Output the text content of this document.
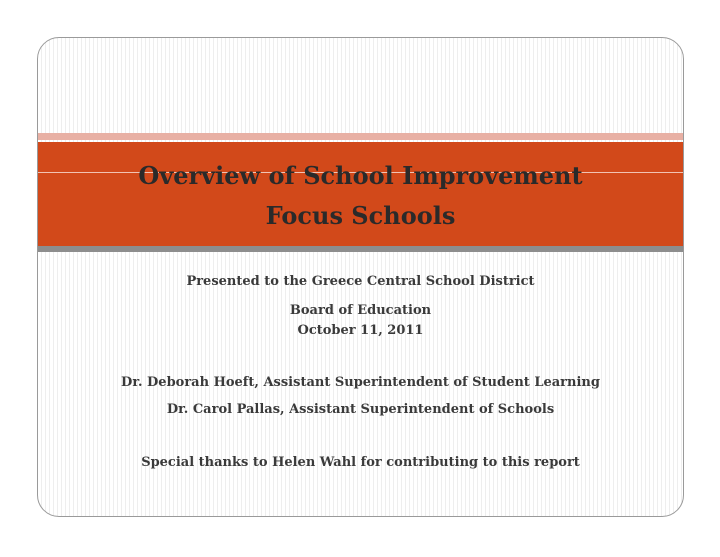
Overview of School Improvement
Focus Schools
Presented to the Greece Central School District
Board of Education
October 11, 2011
Dr. Deborah Hoeft, Assistant Superintendent of Student Learning
Dr. Carol Pallas, Assistant Superintendent of Schools
Special thanks to Helen Wahl for contributing to this report
